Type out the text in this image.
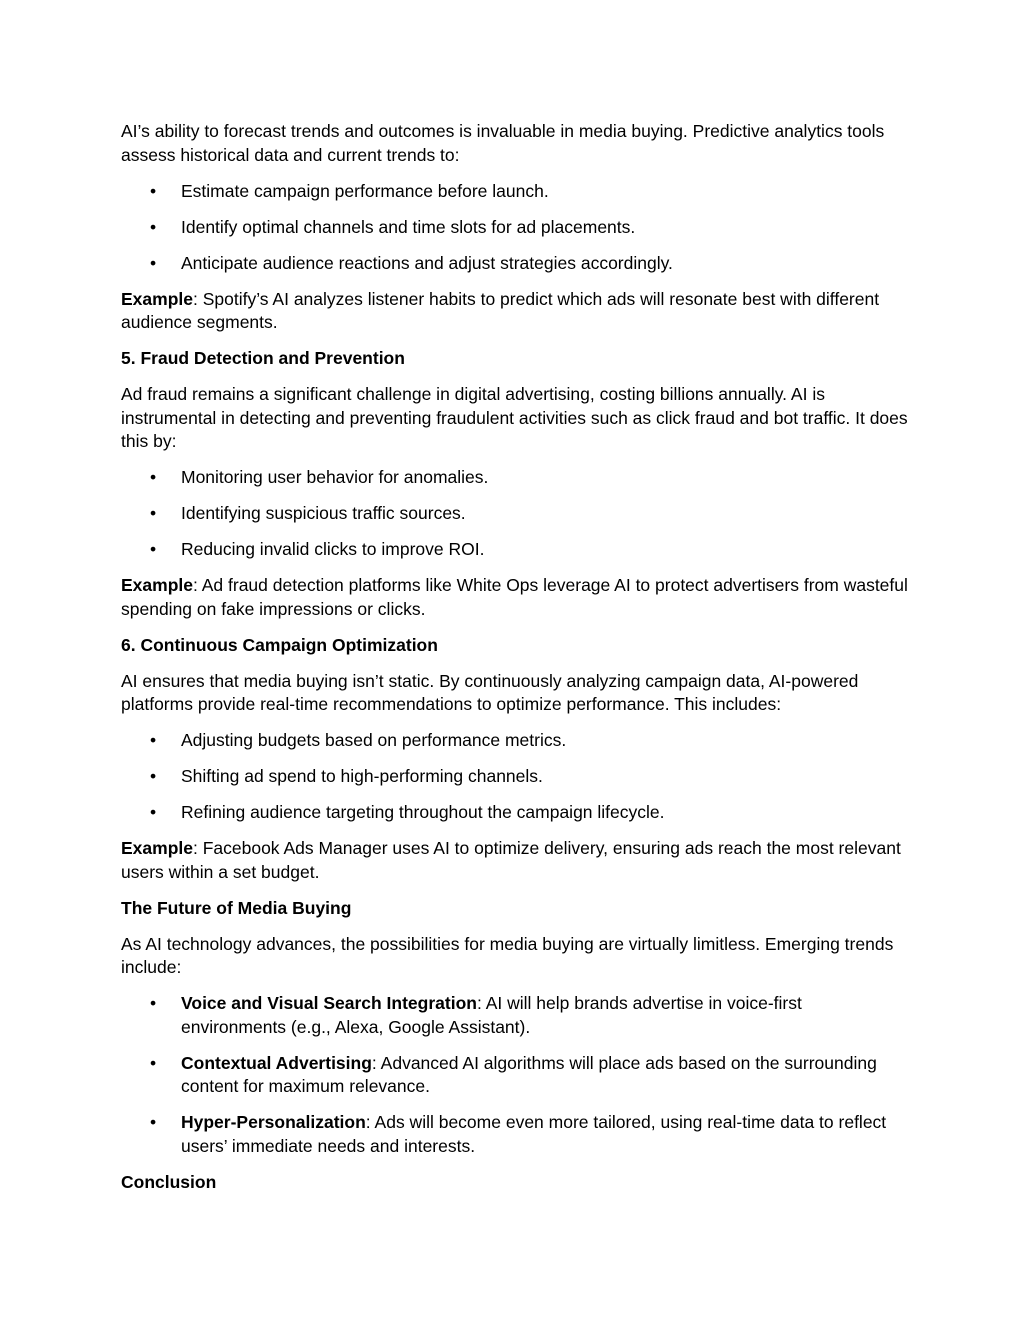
AI’s ability to forecast trends and outcomes is invaluable in media buying. Predictive analytics tools assess historical data and current trends to:

• Estimate campaign performance before launch.
• Identify optimal channels and time slots for ad placements.
• Anticipate audience reactions and adjust strategies accordingly.

Example: Spotify’s AI analyzes listener habits to predict which ads will resonate best with different audience segments.

5. Fraud Detection and Prevention

Ad fraud remains a significant challenge in digital advertising, costing billions annually. AI is instrumental in detecting and preventing fraudulent activities such as click fraud and bot traffic. It does this by:

• Monitoring user behavior for anomalies.
• Identifying suspicious traffic sources.
• Reducing invalid clicks to improve ROI.

Example: Ad fraud detection platforms like White Ops leverage AI to protect advertisers from wasteful spending on fake impressions or clicks.

6. Continuous Campaign Optimization

AI ensures that media buying isn’t static. By continuously analyzing campaign data, AI-powered platforms provide real-time recommendations to optimize performance. This includes:

• Adjusting budgets based on performance metrics.
• Shifting ad spend to high-performing channels.
• Refining audience targeting throughout the campaign lifecycle.

Example: Facebook Ads Manager uses AI to optimize delivery, ensuring ads reach the most relevant users within a set budget.

The Future of Media Buying

As AI technology advances, the possibilities for media buying are virtually limitless. Emerging trends include:

• Voice and Visual Search Integration: AI will help brands advertise in voice-first environments (e.g., Alexa, Google Assistant).
• Contextual Advertising: Advanced AI algorithms will place ads based on the surrounding content for maximum relevance.
• Hyper-Personalization: Ads will become even more tailored, using real-time data to reflect users’ immediate needs and interests.

Conclusion
